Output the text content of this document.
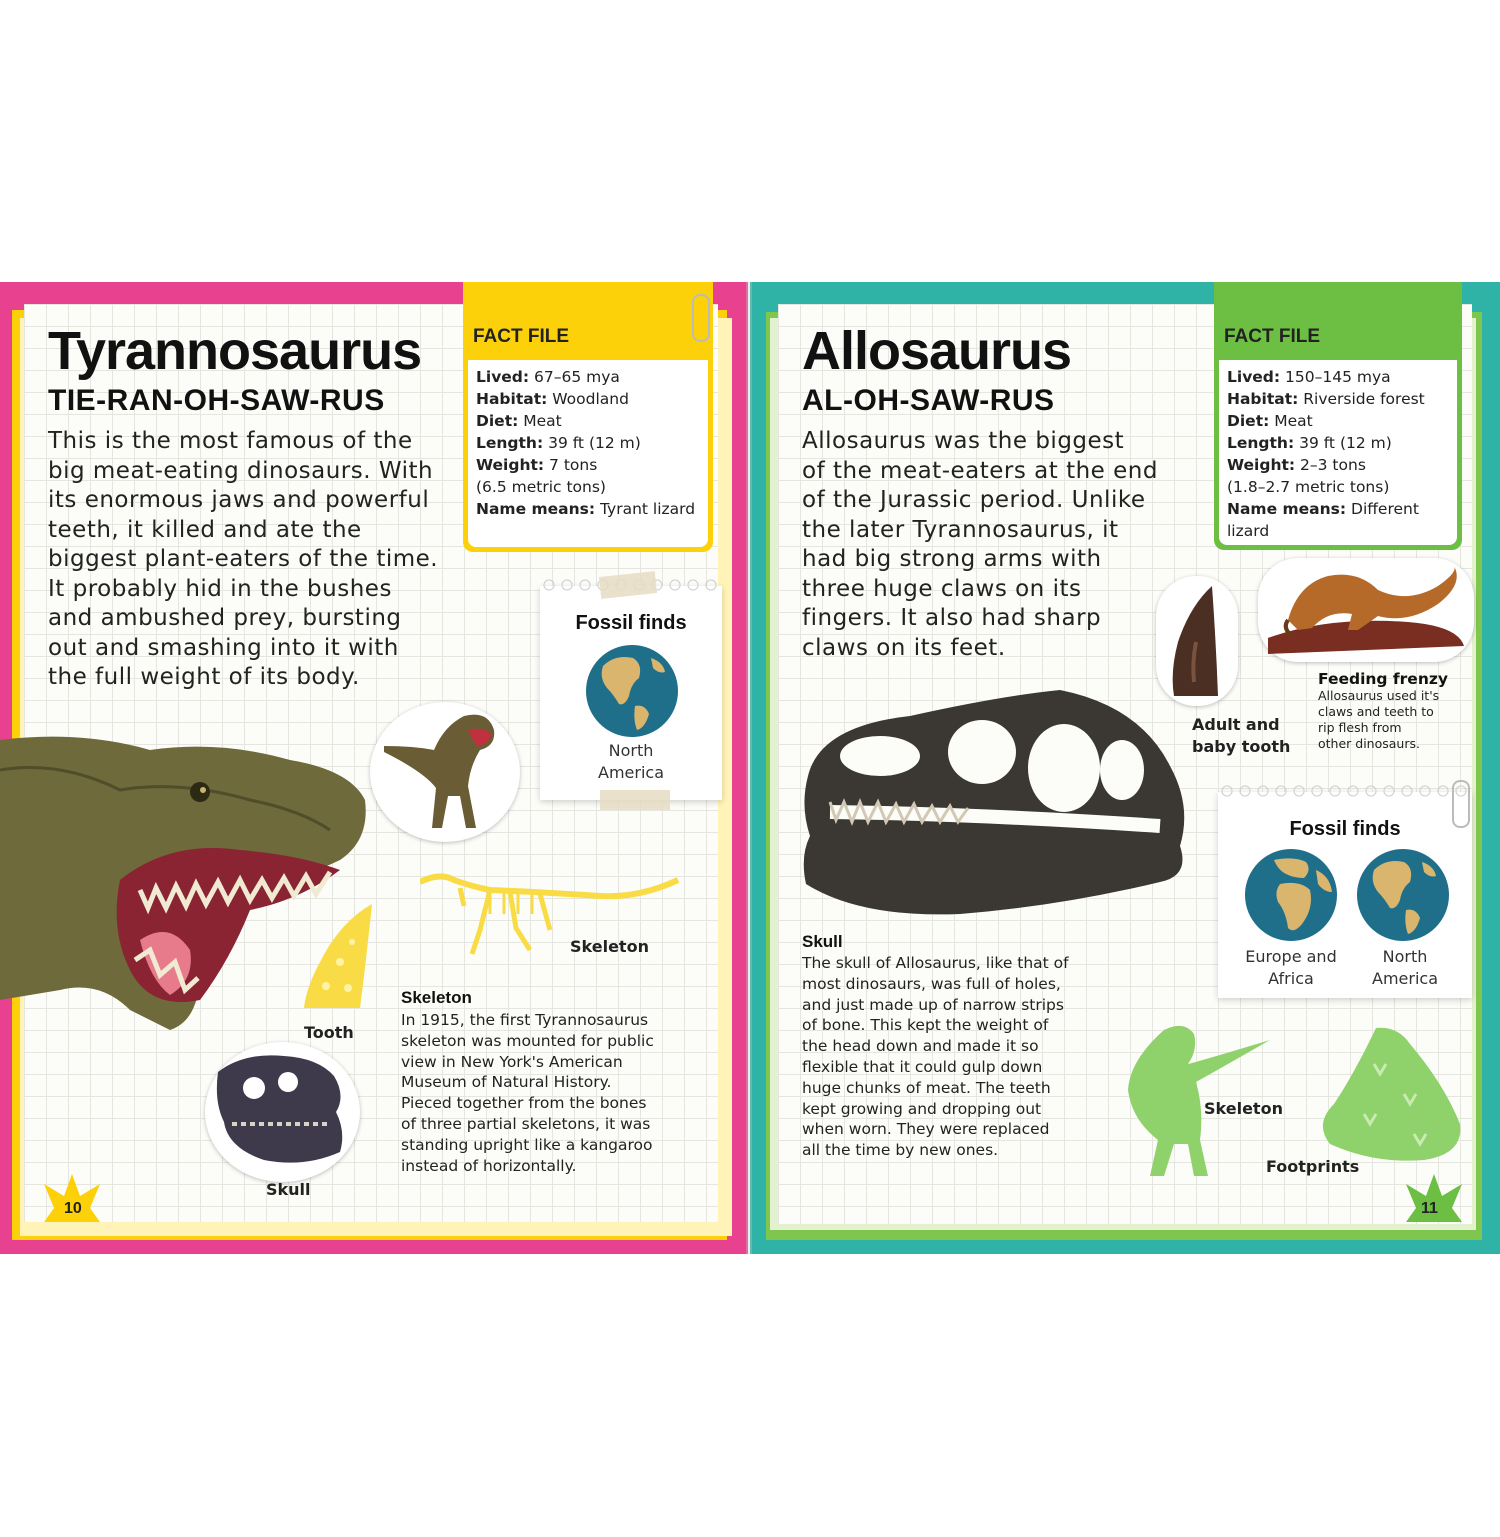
Tyrannosaurus
TIE-RAN-OH-SAW-RUS
This is the most famous of the
big meat-eating dinosaurs. With
its enormous jaws and powerful
teeth, it killed and ate the
biggest plant-eaters of the time.
It probably hid in the bushes
and ambushed prey, bursting
out and smashing into it with
the full weight of its body.
FACT FILE
Lived: 67–65 mya
Habitat: Woodland
Diet: Meat
Length: 39 ft (12 m)
Weight: 7 tons
(6.5 metric tons)
Name means: Tyrant lizard
Fossil finds
North
America
Skeleton
Tooth
Skull
Skeleton
In 1915, the first Tyrannosaurus
skeleton was mounted for public
view in New York's American
Museum of Natural History.
Pieced together from the bones
of three partial skeletons, it was
standing upright like a kangaroo
instead of horizontally.
10
Allosaurus
AL-OH-SAW-RUS
Allosaurus was the biggest
of the meat-eaters at the end
of the Jurassic period. Unlike
the later Tyrannosaurus, it
had big strong arms with
three huge claws on its
fingers. It also had sharp
claws on its feet.
FACT FILE
Lived: 150–145 mya
Habitat: Riverside forest
Diet: Meat
Length: 39 ft (12 m)
Weight: 2–3 tons
(1.8–2.7 metric tons)
Name means: Different
lizard
Adult and
baby tooth
Feeding frenzy
Allosaurus used it's
claws and teeth to
rip flesh from
other dinosaurs.
Skull
The skull of Allosaurus, like that of
most dinosaurs, was full of holes,
and just made up of narrow strips
of bone. This kept the weight of
the head down and made it so
flexible that it could gulp down
huge chunks of meat. The teeth
kept growing and dropping out
when worn. They were replaced
all the time by new ones.
Fossil finds
Europe and
Africa
North
America
Skeleton
Footprints
11
